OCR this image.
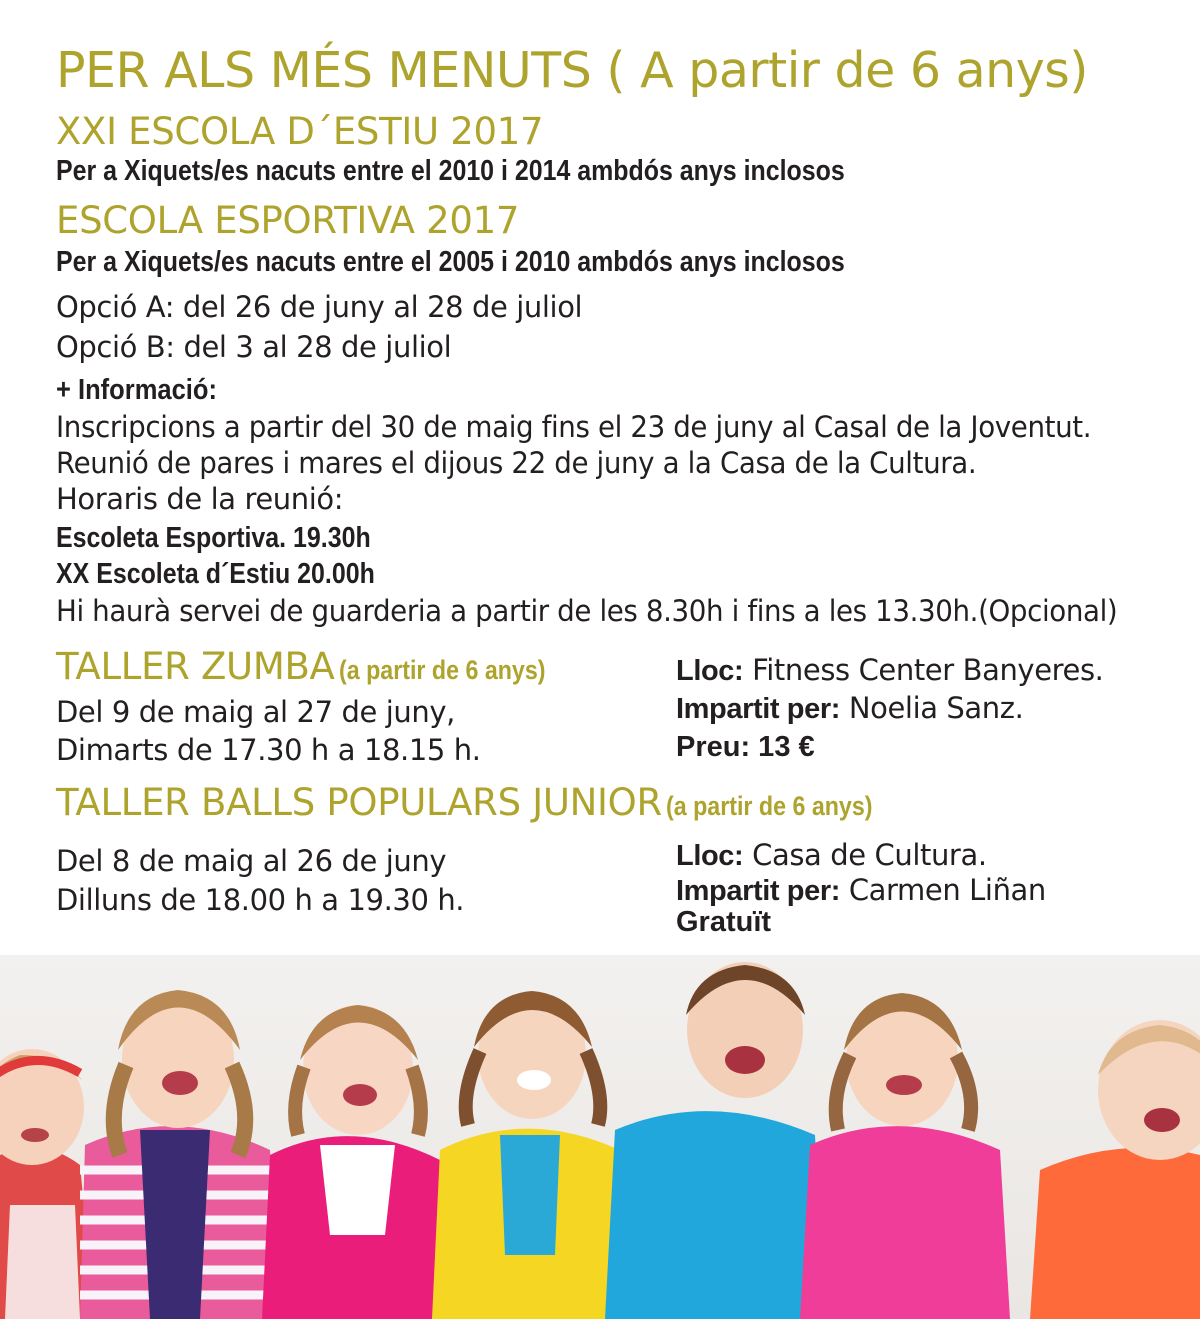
PER ALS MÉS MENUTS ( A partir de 6 anys)
XXI ESCOLA D´ESTIU 2017
Per a Xiquets/es nacuts entre el 2010 i 2014 ambdós anys inclosos
ESCOLA ESPORTIVA 2017
Per a Xiquets/es nacuts entre el 2005 i 2010 ambdós anys inclosos
Opció A: del 26 de juny al 28 de juliol
Opció B: del 3 al 28 de juliol
+ Informació:
Inscripcions a partir del 30 de maig fins el 23 de juny al Casal de la Joventut.
Reunió de pares i mares el dijous 22 de juny a la Casa de la Cultura.
Horaris de la reunió:
Escoleta Esportiva. 19.30h
XX Escoleta d´Estiu 20.00h
Hi haurà servei de guarderia a partir de les 8.30h i fins a les 13.30h.(Opcional)
TALLER ZUMBA (a partir de 6 anys)
Del 9 de maig al 27 de juny,
Dimarts de 17.30 h a 18.15 h.
Lloc: Fitness Center Banyeres.
Impartit per: Noelia Sanz.
Preu: 13 €
TALLER BALLS POPULARS JUNIOR (a partir de 6 anys)
Del 8 de maig al 26 de juny
Dilluns de 18.00 h a 19.30 h.
Lloc: Casa de Cultura.
Impartit per: Carmen Liñan
Gratuït
